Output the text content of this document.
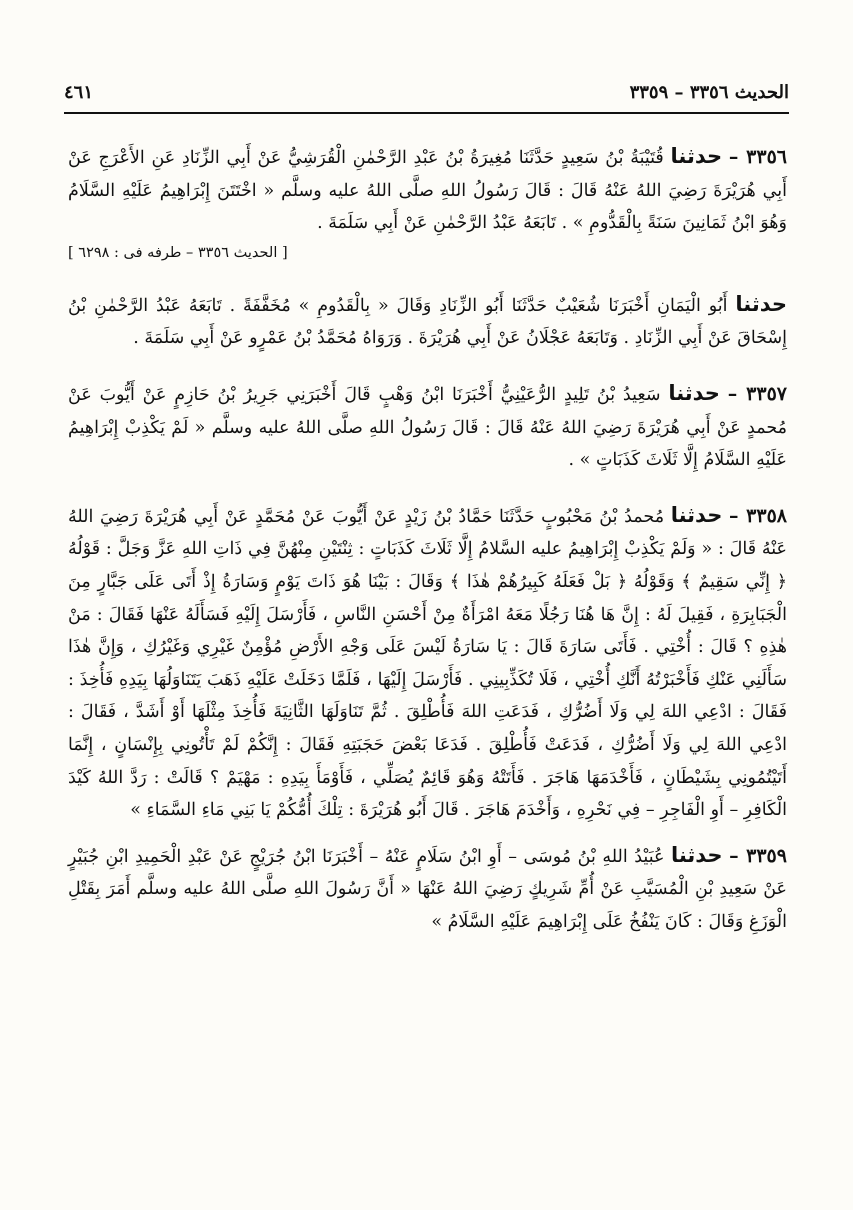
الحديث ٣٣٥٦ – ٣٣٥٩
٤٦١

٣٣٥٦ – حدثنا قُتَيْبَةُ بْنُ سَعِيدٍ حَدَّثَنَا مُغِيرَةُ بْنُ عَبْدِ الرَّحْمٰنِ الْقُرَشِيُّ عَنْ أَبِي الزِّنَادِ عَنِ الأَعْرَجِ عَنْ أَبِي هُرَيْرَةَ رَضِيَ اللهُ عَنْهُ قَالَ : قَالَ رَسُولُ اللهِ صلَّى اللهُ عليه وسلَّم « اخْتَتَنَ إِبْرَاهِيمُ عَلَيْهِ السَّلَامُ وَهُوَ ابْنُ ثَمَانِينَ سَنَةً بِالْقَدُّومِ » . تَابَعَهُ عَبْدُ الرَّحْمٰنِ عَنْ أَبِي سَلَمَةَ .

[ الحديث ٣٣٥٦ – طرفه فى : ٦٢٩٨ ]

حدثنا أَبُو الْيَمَانِ أَخْبَرَنَا شُعَيْبٌ حَدَّثَنَا أَبُو الزِّنَادِ وَقَالَ « بِالْقَدُومِ » مُخَفَّفَةً . تَابَعَهُ عَبْدُ الرَّحْمٰنِ بْنُ إِسْحَاقَ عَنْ أَبِي الزِّنَادِ . وَتَابَعَهُ عَجْلَانُ عَنْ أَبِي هُرَيْرَةَ . وَرَوَاهُ مُحَمَّدُ بْنُ عَمْرٍو عَنْ أَبِي سَلَمَةَ .

٣٣٥٧ – حدثنا سَعِيدُ بْنُ تَلِيدٍ الرُّعَيْنِيُّ أَخْبَرَنَا ابْنُ وَهْبٍ قَالَ أَخْبَرَنِي جَرِيرُ بْنُ حَازِمٍ عَنْ أَيُّوبَ عَنْ مُحمدٍ عَنْ أَبِي هُرَيْرَةَ رَضِيَ اللهُ عَنْهُ قَالَ : قَالَ رَسُولُ اللهِ صلَّى اللهُ عليه وسلَّم « لَمْ يَكْذِبْ إِبْرَاهِيمُ عَلَيْهِ السَّلَامُ إِلَّا ثَلَاثَ كَذَبَاتٍ » .

٣٣٥٨ – حدثنا مُحمدُ بْنُ مَحْبُوبٍ حَدَّثَنَا حَمَّادُ بْنُ زَيْدٍ عَنْ أَيُّوبَ عَنْ مُحَمَّدٍ عَنْ أَبِي هُرَيْرَةَ رَضِيَ اللهُ عَنْهُ قَالَ : « وَلَمْ يَكْذِبْ إِبْرَاهِيمُ عليه السَّلامُ إِلَّا ثَلَاثَ كَذَبَاتٍ : ثِنْتَيْنِ مِنْهُنَّ فِي ذَاتِ اللهِ عَزَّ وَجَلَّ : قَوْلُهُ ﴿ إِنِّي سَقِيمٌ ﴾ وَقَوْلُهُ ﴿ بَلْ فَعَلَهُ كَبِيرُهُمْ هٰذَا ﴾ وَقَالَ : بَيْنَا هُوَ ذَاتَ يَوْمٍ وَسَارَةُ إِذْ أَتَى عَلَى جَبَّارٍ مِنَ الْجَبَابِرَةِ ، فَقِيلَ لَهُ : إِنَّ هَا هُنَا رَجُلًا مَعَهُ امْرَأَةٌ مِنْ أَحْسَنِ النَّاسِ ، فَأَرْسَلَ إِلَيْهِ فَسَأَلَهُ عَنْهَا فَقَالَ : مَنْ هٰذِهِ ؟ قَالَ : أُخْتِي . فَأَتَى سَارَةَ قَالَ : يَا سَارَةُ لَيْسَ عَلَى وَجْهِ الأَرْضِ مُؤْمِنٌ غَيْرِي وَغَيْرُكِ ، وَإِنَّ هٰذَا سَأَلَنِي عَنْكِ فَأَخْبَرْتُهُ أَنَّكِ أُخْتِي ، فَلَا تُكَذِّبِينِي . فَأَرْسَلَ إِلَيْهَا ، فَلَمَّا دَخَلَتْ عَلَيْهِ ذَهَبَ يَتَنَاوَلُهَا بِيَدِهِ فَأُخِذَ : فَقَالَ : ادْعِي اللهَ لِي وَلَا أَضُرُّكِ ، فَدَعَتِ اللهَ فَأُطْلِقَ . ثُمَّ تَنَاوَلَهَا الثَّانِيَةَ فَأُخِذَ مِثْلَهَا أَوْ أَشَدَّ ، فَقَالَ : ادْعِي اللهَ لِي وَلَا أَضُرُّكِ ، فَدَعَتْ فَأُطْلِقَ . فَدَعَا بَعْضَ حَجَبَتِهِ فَقَالَ : إِنَّكُمْ لَمْ تَأْتُونِي بِإِنْسَانٍ ، إِنَّمَا أَتَيْتُمُونِي بِشَيْطَانٍ ، فَأَخْدَمَهَا هَاجَرَ . فَأَتَتْهُ وَهُوَ قَائِمٌ يُصَلِّي ، فَأَوْمَأَ بِيَدِهِ : مَهْيَمْ ؟ قَالَتْ : رَدَّ اللهُ كَيْدَ الْكَافِرِ – أَوِ الْفَاجِرِ – فِي نَحْرِهِ ، وَأَخْدَمَ هَاجَرَ . قَالَ أَبُو هُرَيْرَةَ : تِلْكَ أُمُّكُمْ يَا بَنِي مَاءِ السَّمَاءِ »

٣٣٥٩ – حدثنا عُبَيْدُ اللهِ بْنُ مُوسَى – أَوِ ابْنُ سَلَامٍ عَنْهُ – أَخْبَرَنَا ابْنُ جُرَيْجٍ عَنْ عَبْدِ الْحَمِيدِ ابْنِ جُبَيْرٍ عَنْ سَعِيدِ بْنِ الْمُسَيَّبِ عَنْ أُمِّ شَرِيكٍ رَضِيَ اللهُ عَنْهَا « أَنَّ رَسُولَ اللهِ صلَّى اللهُ عليه وسلَّم أَمَرَ بِقَتْلِ الْوَزَغِ وَقَالَ : كَانَ يَنْفُخُ عَلَى إِبْرَاهِيمَ عَلَيْهِ السَّلَامُ »
